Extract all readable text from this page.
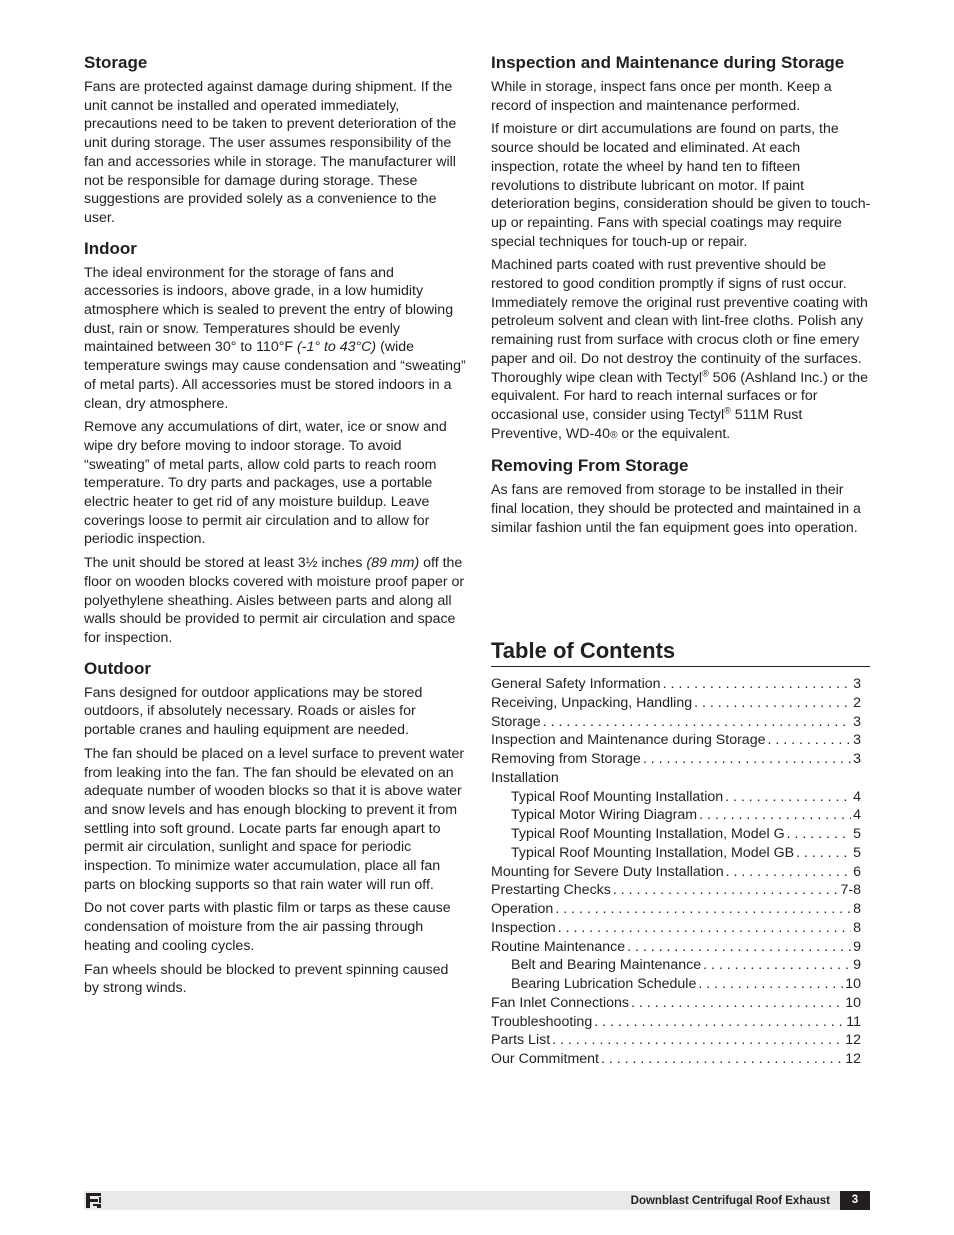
Storage

Fans are protected against damage during shipment. If the unit cannot be installed and operated immediately, precautions need to be taken to prevent deterioration of the unit during storage. The user assumes responsibility of the fan and accessories while in storage. The manufacturer will not be responsible for damage during storage. These suggestions are provided solely as a convenience to the user.

Indoor

The ideal environment for the storage of fans and accessories is indoors, above grade, in a low humidity atmosphere which is sealed to prevent the entry of blowing dust, rain or snow. Temperatures should be evenly maintained between 30° to 110°F (-1° to 43°C) (wide temperature swings may cause condensation and “sweating” of metal parts). All accessories must be stored indoors in a clean, dry atmosphere.

Remove any accumulations of dirt, water, ice or snow and wipe dry before moving to indoor storage. To avoid “sweating” of metal parts, allow cold parts to reach room temperature. To dry parts and packages, use a portable electric heater to get rid of any moisture buildup. Leave coverings loose to permit air circulation and to allow for periodic inspection.

The unit should be stored at least 3½ inches (89 mm) off the floor on wooden blocks covered with moisture proof paper or polyethylene sheathing. Aisles between parts and along all walls should be provided to permit air circulation and space for inspection.

Outdoor

Fans designed for outdoor applications may be stored outdoors, if absolutely necessary. Roads or aisles for portable cranes and hauling equipment are needed.

The fan should be placed on a level surface to prevent water from leaking into the fan. The fan should be elevated on an adequate number of wooden blocks so that it is above water and snow levels and has enough blocking to prevent it from settling into soft ground. Locate parts far enough apart to permit air circulation, sunlight and space for periodic inspection. To minimize water accumulation, place all fan parts on blocking supports so that rain water will run off.

Do not cover parts with plastic film or tarps as these cause condensation of moisture from the air passing through heating and cooling cycles.

Fan wheels should be blocked to prevent spinning caused by strong winds.

Inspection and Maintenance during Storage

While in storage, inspect fans once per month. Keep a record of inspection and maintenance performed.

If moisture or dirt accumulations are found on parts, the source should be located and eliminated. At each inspection, rotate the wheel by hand ten to fifteen revolutions to distribute lubricant on motor. If paint deterioration begins, consideration should be given to touch-up or repainting. Fans with special coatings may require special techniques for touch-up or repair.

Machined parts coated with rust preventive should be restored to good condition promptly if signs of rust occur. Immediately remove the original rust preventive coating with petroleum solvent and clean with lint-free cloths. Polish any remaining rust from surface with crocus cloth or fine emery paper and oil. Do not destroy the continuity of the surfaces. Thoroughly wipe clean with Tectyl® 506 (Ashland Inc.) or the equivalent. For hard to reach internal surfaces or for occasional use, consider using Tectyl® 511M Rust Preventive, WD-40® or the equivalent.

Removing From Storage

As fans are removed from storage to be installed in their final location, they should be protected and maintained in a similar fashion until the fan equipment goes into operation.

Table of Contents
General Safety Information . . .	3
Receiving, Unpacking, Handling . . .	2
Storage . . .	3
Inspection and Maintenance during Storage . . .	3
Removing from Storage . . .	3
Installation
Typical Roof Mounting Installation . . .	4
Typical Motor Wiring Diagram . . .	4
Typical Roof Mounting Installation, Model G . . .	5
Typical Roof Mounting Installation, Model GB . . .	5
Mounting for Severe Duty Installation . . .	6
Prestarting Checks . . .	7-8
Operation . . .	8
Inspection . . .	8
Routine Maintenance . . .	9
Belt and Bearing Maintenance . . .	9
Bearing Lubrication Schedule . . .	10
Fan Inlet Connections . . .	10
Troubleshooting . . .	11
Parts List . . .	12
Our Commitment . . .	12
Downblast Centrifugal Roof Exhaust	3
